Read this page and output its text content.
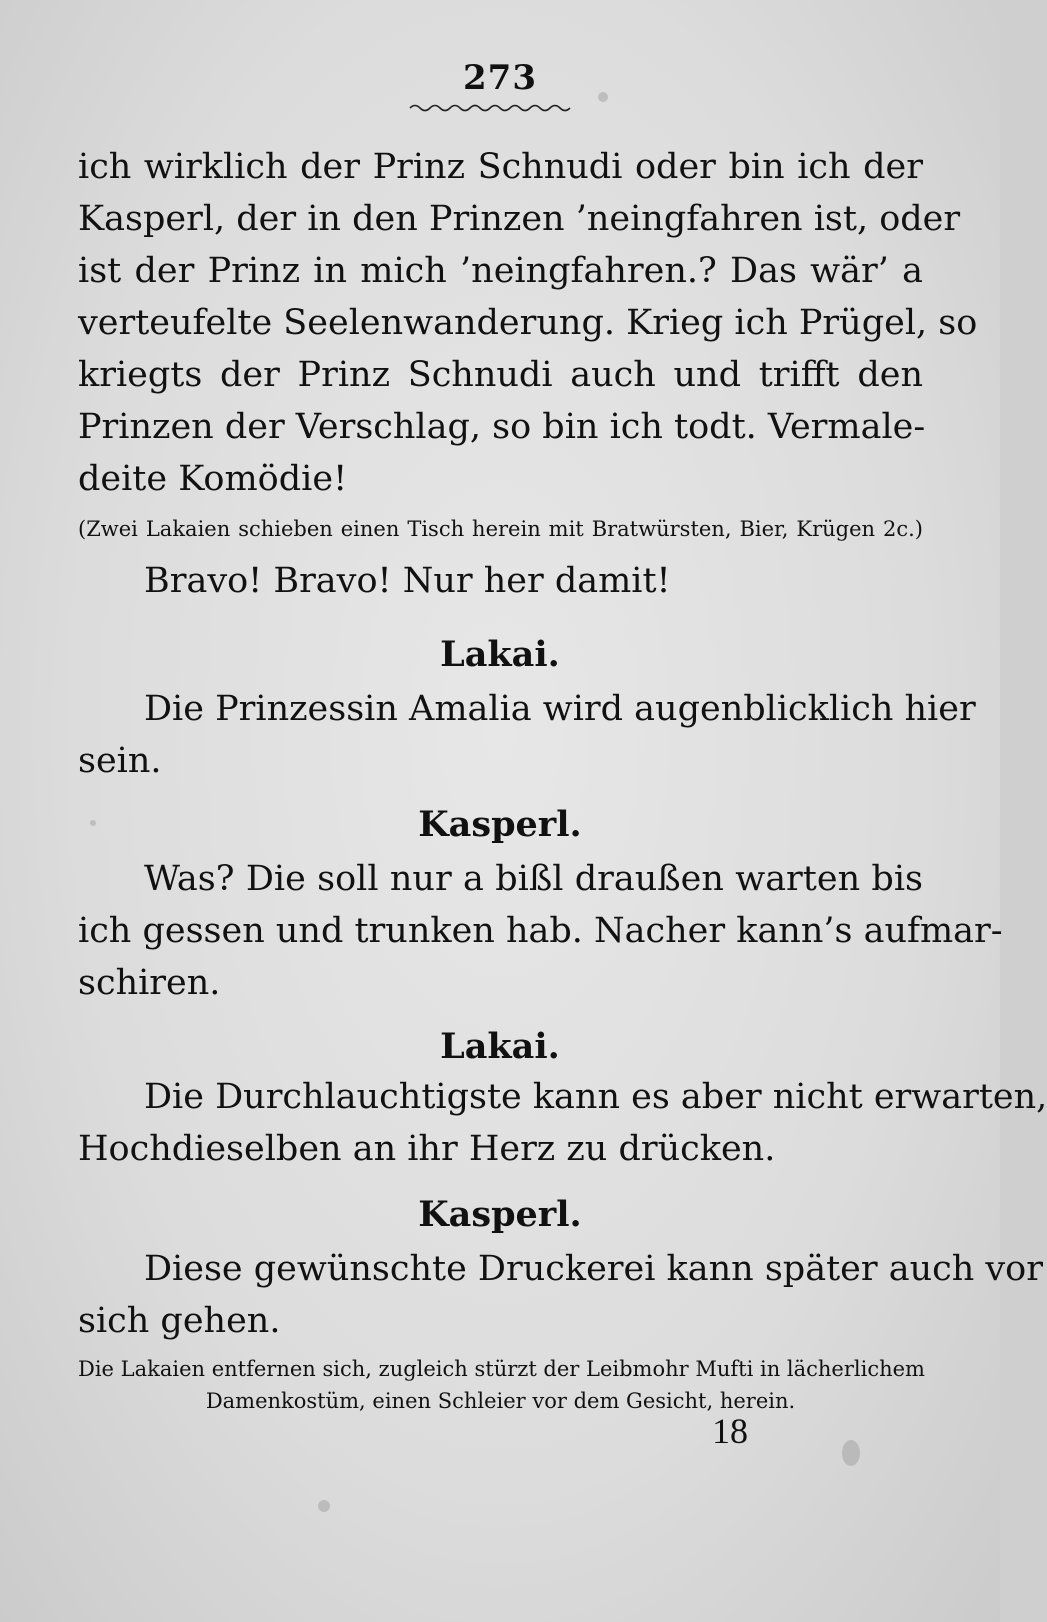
273
ich wirklich der Prinz Schnudi oder bin ich der
Kasperl, der in den Prinzen ’neingfahren ist, oder
ist der Prinz in mich ’neingfahren.? Das wär’ a
verteufelte Seelenwanderung. Krieg ich Prügel, so
kriegts der Prinz Schnudi auch und trifft den
Prinzen der Verschlag, so bin ich todt. Vermale-
deite Komödie!
(Zwei Lakaien schieben einen Tisch herein mit Bratwürsten, Bier, Krügen 2c.)
Bravo! Bravo! Nur her damit!
Lakai.
Die Prinzessin Amalia wird augenblicklich hier
sein.
Kasperl.
Was? Die soll nur a bißl draußen warten bis
ich gessen und trunken hab. Nacher kann’s aufmar-
schiren.
Lakai.
Die Durchlauchtigste kann es aber nicht erwarten,
Hochdieselben an ihr Herz zu drücken.
Kasperl.
Diese gewünschte Druckerei kann später auch vor
sich gehen.
Die Lakaien entfernen sich, zugleich stürzt der Leibmohr Mufti in lächerlichem
Damenkostüm, einen Schleier vor dem Gesicht, herein.
18
